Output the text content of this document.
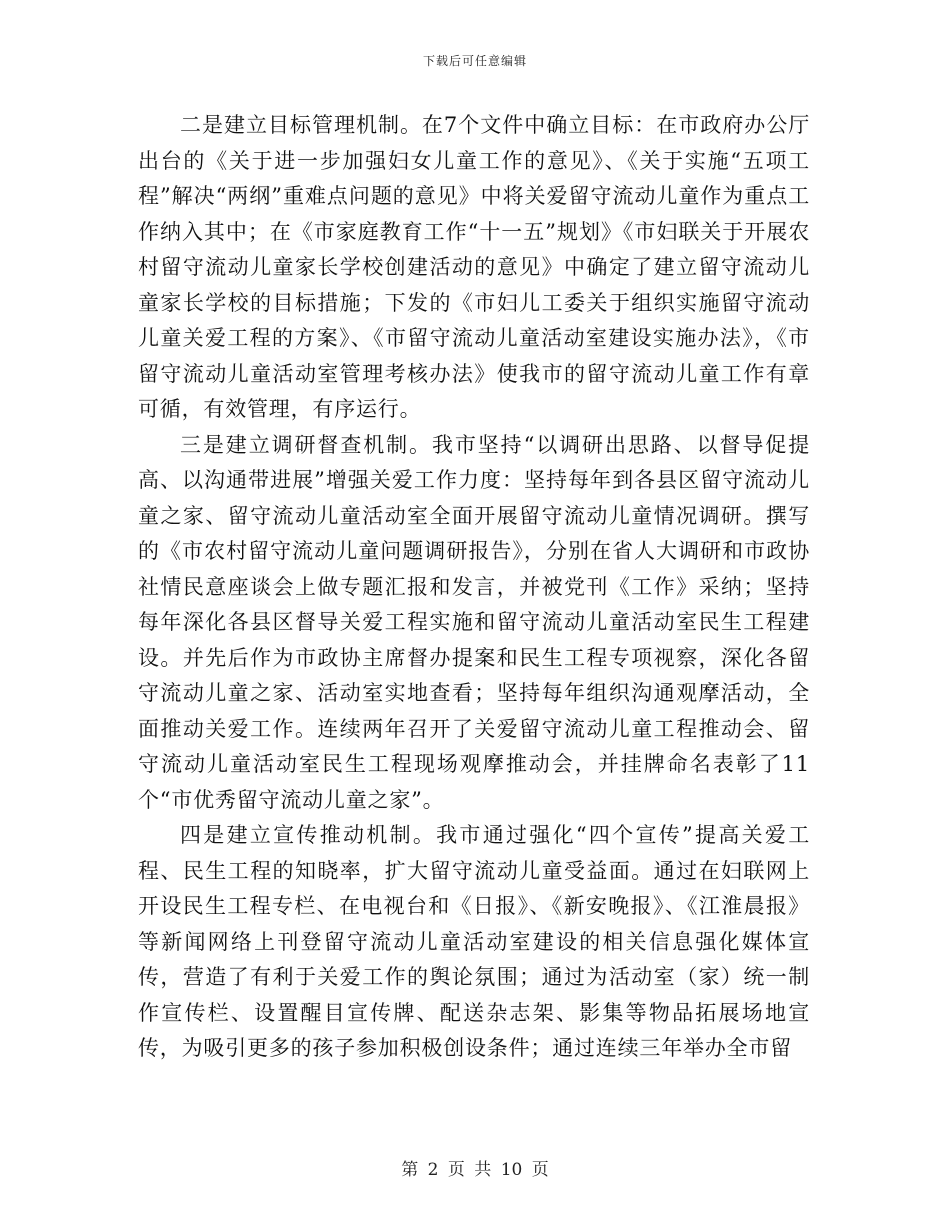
下载后可任意编辑

二是建立目标管理机制。在7个文件中确立目标：在市政府办公厅出台的《关于进一步加强妇女儿童工作的意见》、《关于实施“五项工程”解决“两纲”重难点问题的意见》中将关爱留守流动儿童作为重点工作纳入其中；在《市家庭教育工作“十一五”规划》《市妇联关于开展农村留守流动儿童家长学校创建活动的意见》中确定了建立留守流动儿童家长学校的目标措施；下发的《市妇儿工委关于组织实施留守流动儿童关爱工程的方案》、《市留守流动儿童活动室建设实施办法》，《市留守流动儿童活动室管理考核办法》使我市的留守流动儿童工作有章可循，有效管理，有序运行。

三是建立调研督查机制。我市坚持“以调研出思路、以督导促提高、以沟通带进展”增强关爱工作力度：坚持每年到各县区留守流动儿童之家、留守流动儿童活动室全面开展留守流动儿童情况调研。撰写的《市农村留守流动儿童问题调研报告》，分别在省人大调研和市政协社情民意座谈会上做专题汇报和发言，并被党刊《工作》采纳；坚持每年深化各县区督导关爱工程实施和留守流动儿童活动室民生工程建设。并先后作为市政协主席督办提案和民生工程专项视察，深化各留守流动儿童之家、活动室实地查看；坚持每年组织沟通观摩活动，全面推动关爱工作。连续两年召开了关爱留守流动儿童工程推动会、留守流动儿童活动室民生工程现场观摩推动会，并挂牌命名表彰了11个“市优秀留守流动儿童之家”。

四是建立宣传推动机制。我市通过强化“四个宣传”提高关爱工程、民生工程的知晓率，扩大留守流动儿童受益面。通过在妇联网上开设民生工程专栏、在电视台和《日报》、《新安晚报》、《江淮晨报》等新闻网络上刊登留守流动儿童活动室建设的相关信息强化媒体宣传，营造了有利于关爱工作的舆论氛围；通过为活动室（家）统一制作宣传栏、设置醒目宣传牌、配送杂志架、影集等物品拓展场地宣传，为吸引更多的孩子参加积极创设条件；通过连续三年举办全市留

第 2 页 共 10 页
